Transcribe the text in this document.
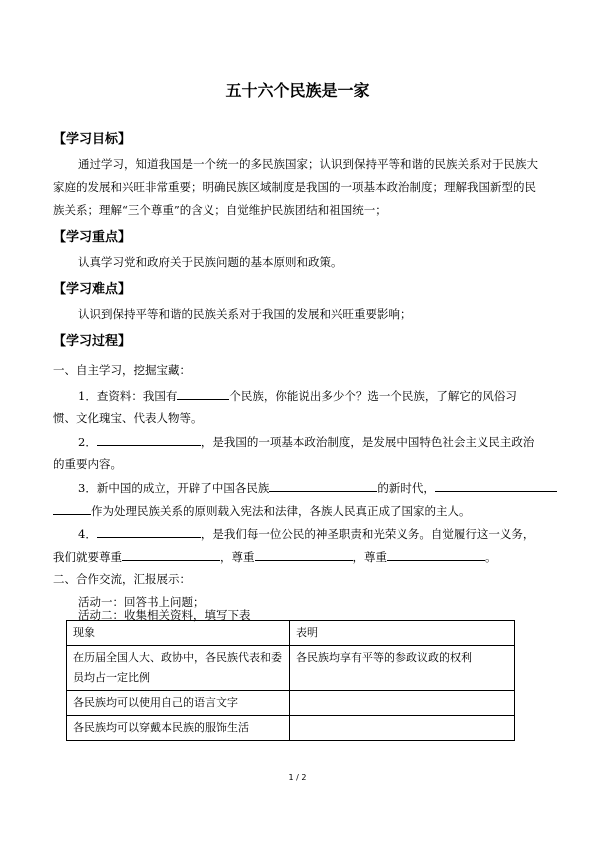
五十六个民族是一家
【学习目标】

通过学习，知道我国是一个统一的多民族国家；认识到保持平等和谐的民族关系对于民族大家庭的发展和兴旺非常重要；明确民族区域制度是我国的一项基本政治制度；理解我国新型的民族关系；理解“三个尊重”的含义；自觉维护民族团结和祖国统一；

【学习重点】

认真学习党和政府关于民族问题的基本原则和政策。

【学习难点】

认识到保持平等和谐的民族关系对于我国的发展和兴旺重要影响；

【学习过程】
一、自主学习，挖掘宝藏：
1．查资料：我国有	个民族，你能说出多少个？选一个民族，了解它的风俗习
惯、文化瑰宝、代表人物等。
2．	，是我国的一项基本政治制度，是发展中国特色社会主义民主政治
的重要内容。
3．新中国的成立，开辟了中国各民族	的新时代，
作为处理民族关系的原则载入宪法和法律，各族人民真正成了国家的主人。
4．	，是我们每一位公民的神圣职责和光荣义务。自觉履行这一义务，
我们就要尊重	，尊重	，尊重	。
二、合作交流，汇报展示：
活动一：回答书上问题；
活动二：收集相关资料，填写下表
现象	表明
在历届全国人大、政协中，各民族代表和委员均占一定比例	各民族均享有平等的参政议政的权利
各民族均可以使用自己的语言文字	
各民族均可以穿戴本民族的服饰生活	
1 / 2
